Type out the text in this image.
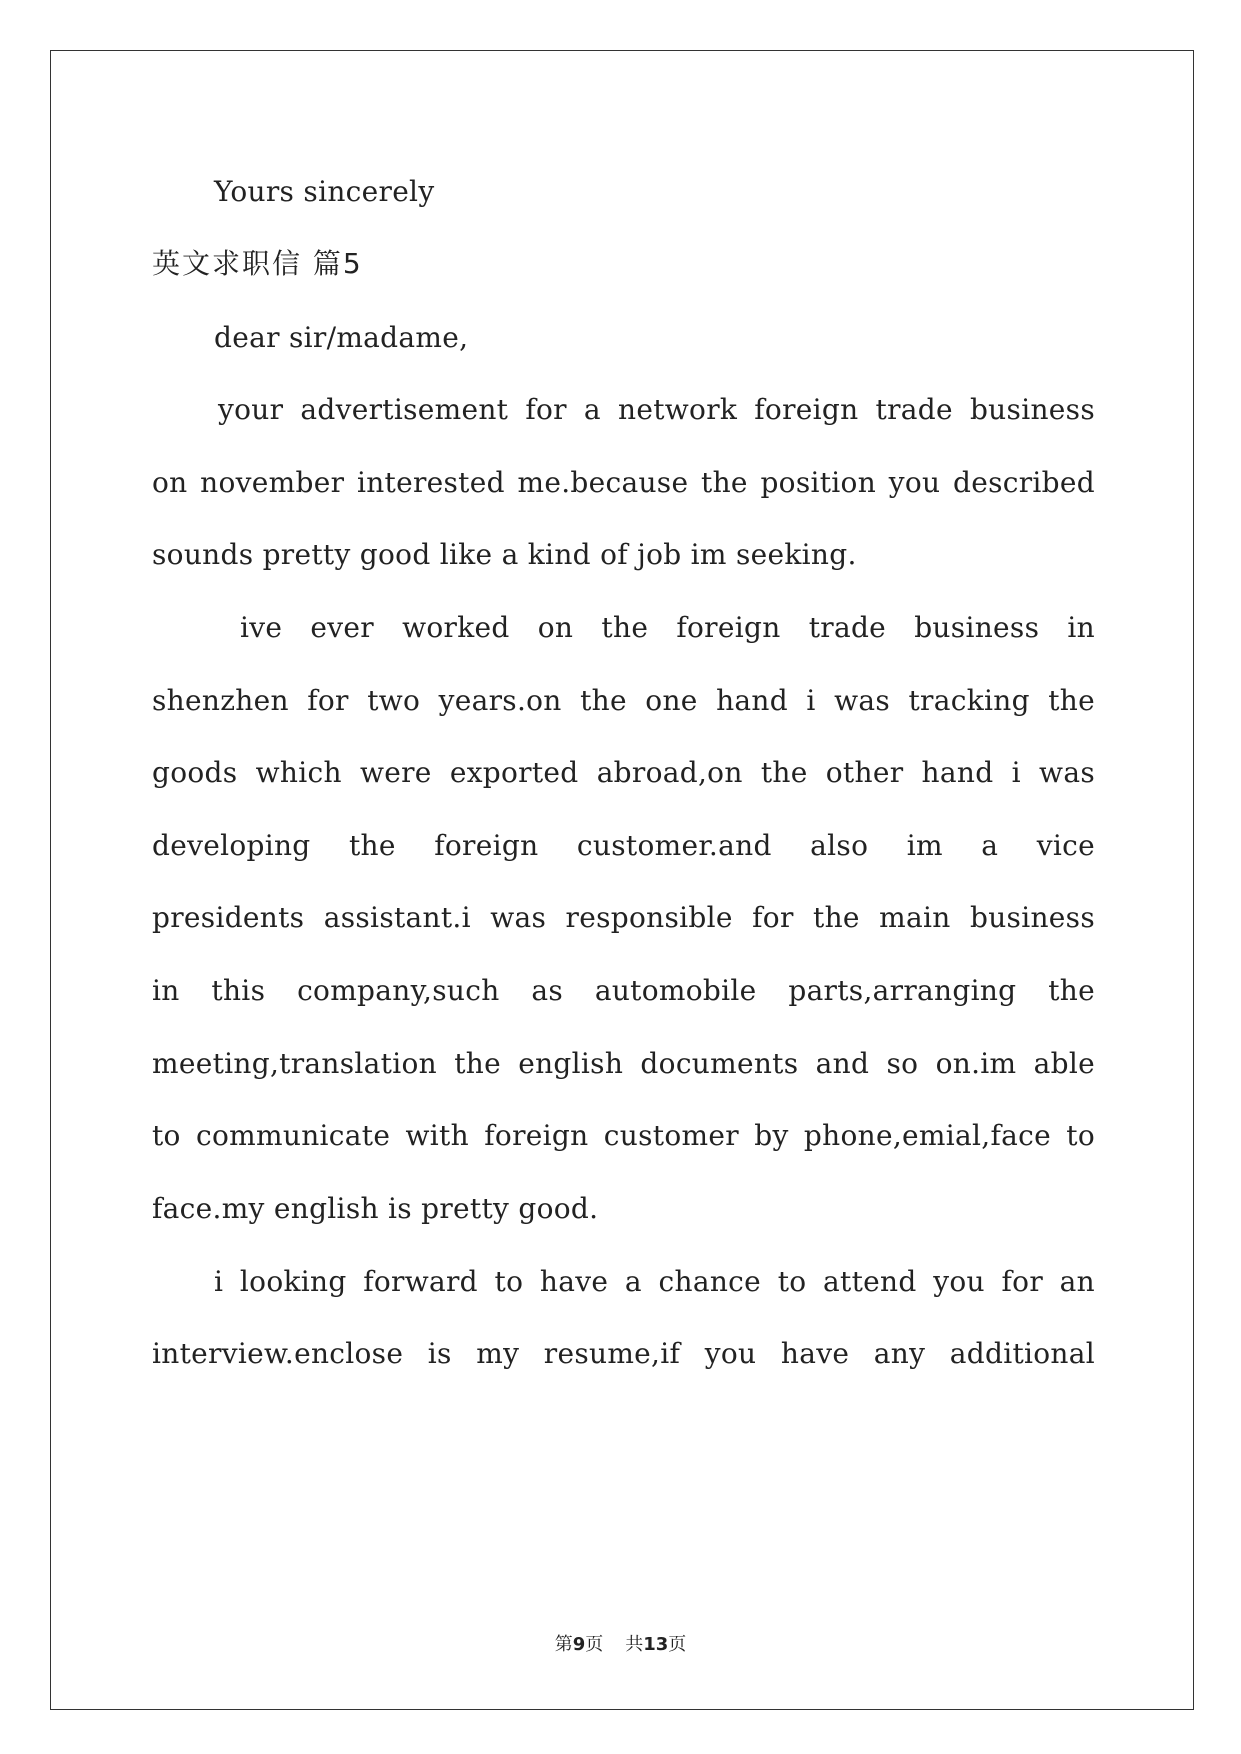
Yours sincerely
英文求职信 篇5
dear sir/madame,
your advertisement for a network foreign trade business
on november interested me.because the position you described
sounds pretty good like a kind of job im seeking.
ive ever worked on the foreign trade business in
shenzhen for two years.on the one hand i was tracking the
goods which were exported abroad,on the other hand i was
developing the foreign customer.and also im a vice
presidents assistant.i was responsible for the main business
in this company,such as automobile parts,arranging the
meeting,translation the english documents and so on.im able
to communicate with foreign customer by phone,emial,face to
face.my english is pretty good.
i looking forward to have a chance to attend you for an
interview.enclose is my resume,if you have any additional
第9页 共13页
